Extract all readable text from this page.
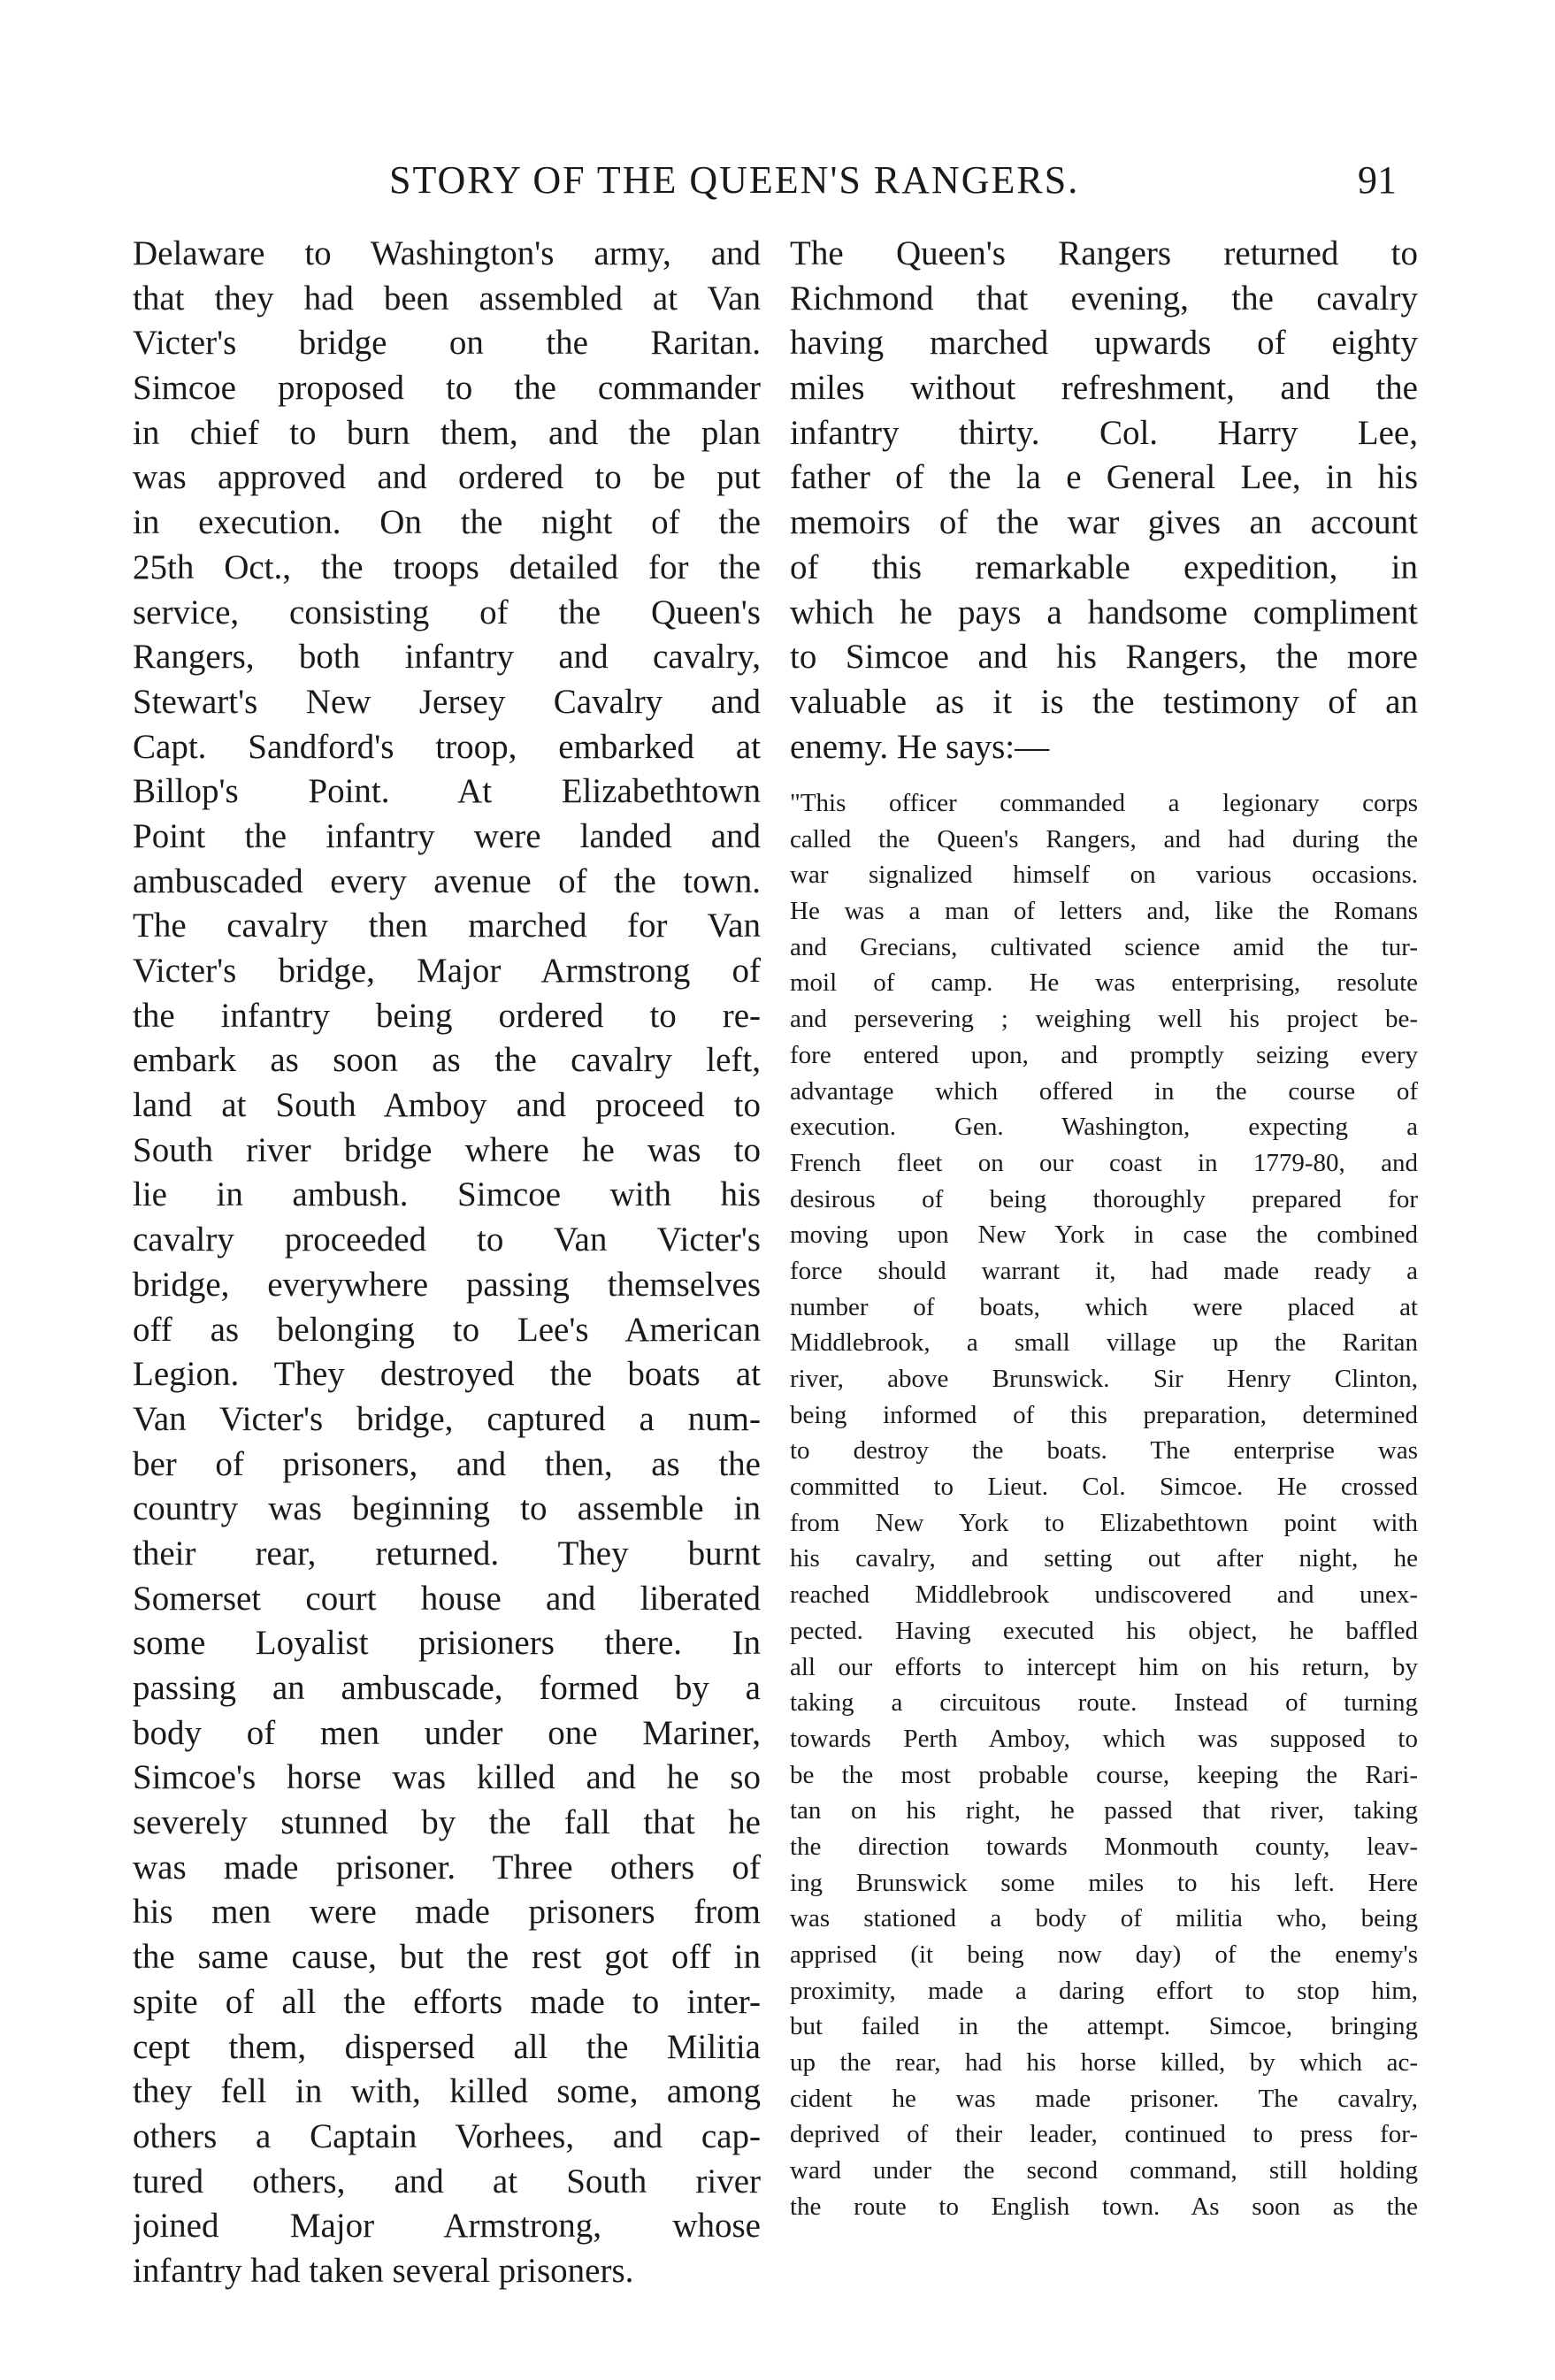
STORY OF THE QUEEN'S RANGERS.	91
Delaware to Washington's army, and
that they had been assembled at Van
Victer's bridge on the Raritan.
Simcoe proposed to the commander
in chief to burn them, and the plan
was approved and ordered to be put
in execution. On the night of the
25th Oct., the troops detailed for the
service, consisting of the Queen's
Rangers, both infantry and cavalry,
Stewart's New Jersey Cavalry and
Capt. Sandford's troop, embarked at
Billop's Point. At Elizabethtown
Point the infantry were landed and
ambuscaded every avenue of the town.
The cavalry then marched for Van
Victer's bridge, Major Armstrong of
the infantry being ordered to re-
embark as soon as the cavalry left,
land at South Amboy and proceed to
South river bridge where he was to
lie in ambush. Simcoe with his
cavalry proceeded to Van Victer's
bridge, everywhere passing themselves
off as belonging to Lee's American
Legion. They destroyed the boats at
Van Victer's bridge, captured a num-
ber of prisoners, and then, as the
country was beginning to assemble in
their rear, returned. They burnt
Somerset court house and liberated
some Loyalist prisioners there. In
passing an ambuscade, formed by a
body of men under one Mariner,
Simcoe's horse was killed and he so
severely stunned by the fall that he
was made prisoner. Three others of
his men were made prisoners from
the same cause, but the rest got off in
spite of all the efforts made to inter-
cept them, dispersed all the Militia
they fell in with, killed some, among
others a Captain Vorhees, and cap-
tured others, and at South river
joined Major Armstrong, whose
infantry had taken several prisoners.
The Queen's Rangers returned to
Richmond that evening, the cavalry
having marched upwards of eighty
miles without refreshment, and the
infantry thirty. Col. Harry Lee,
father of the la e General Lee, in his
memoirs of the war gives an account
of this remarkable expedition, in
which he pays a handsome compliment
to Simcoe and his Rangers, the more
valuable as it is the testimony of an
enemy. He says:—
"This officer commanded a legionary corps
called the Queen's Rangers, and had during the
war signalized himself on various occasions.
He was a man of letters and, like the Romans
and Grecians, cultivated science amid the tur-
moil of camp. He was enterprising, resolute
and persevering ; weighing well his project be-
fore entered upon, and promptly seizing every
advantage which offered in the course of
execution. Gen. Washington, expecting a
French fleet on our coast in 1779-80, and
desirous of being thoroughly prepared for
moving upon New York in case the combined
force should warrant it, had made ready a
number of boats, which were placed at
Middlebrook, a small village up the Raritan
river, above Brunswick. Sir Henry Clinton,
being informed of this preparation, determined
to destroy the boats. The enterprise was
committed to Lieut. Col. Simcoe. He crossed
from New York to Elizabethtown point with
his cavalry, and setting out after night, he
reached Middlebrook undiscovered and unex-
pected. Having executed his object, he baffled
all our efforts to intercept him on his return, by
taking a circuitous route. Instead of turning
towards Perth Amboy, which was supposed to
be the most probable course, keeping the Rari-
tan on his right, he passed that river, taking
the direction towards Monmouth county, leav-
ing Brunswick some miles to his left. Here
was stationed a body of militia who, being
apprised (it being now day) of the enemy's
proximity, made a daring effort to stop him,
but failed in the attempt. Simcoe, bringing
up the rear, had his horse killed, by which ac-
cident he was made prisoner. The cavalry,
deprived of their leader, continued to press for-
ward under the second command, still holding
the route to English town. As soon as the
